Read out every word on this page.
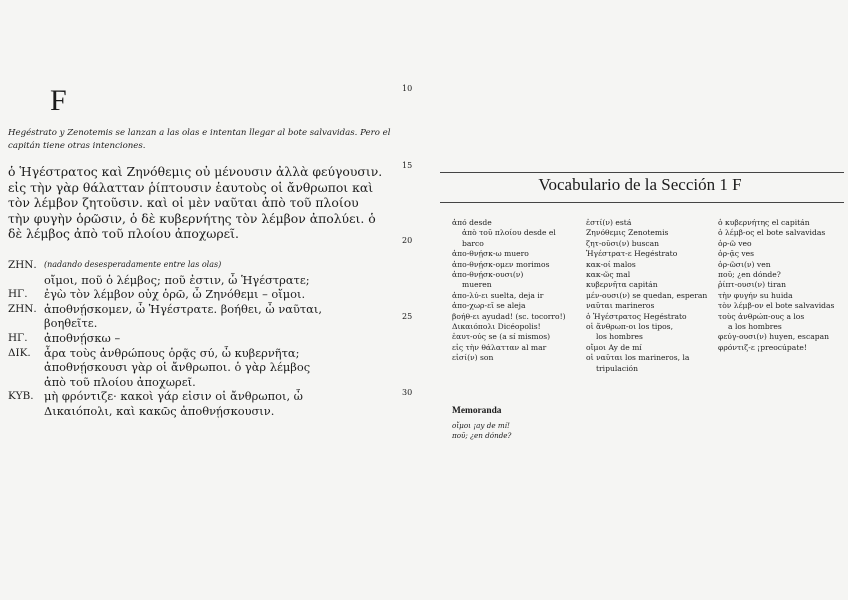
F
Hegéstrato y Zenotemis se lanzan a las olas e intentan llegar al bote salvavidas. Pero el capitán tiene otras intenciones.
ὁ Ἡγέστρατος καὶ Ζηνόθεμις οὐ μένουσιν ἀλλὰ φεύγουσιν.
εἰς τὴν γὰρ θάλατταν ῥίπτουσιν ἑαυτοὺς οἱ ἄνθρωποι καὶ
τὸν λέμβον ζητοῦσιν. καὶ οἱ μὲν ναῦται ἀπὸ τοῦ πλοίου
τὴν φυγὴν ὁρῶσιν, ὁ δὲ κυβερνήτης τὸν λέμβον ἀπολύει. ὁ
δὲ λέμβος ἀπὸ τοῦ πλοίου ἀποχωρεῖ.
ΖΗΝ. (nadando desesperadamente entre las olas)
οἴμοι, ποῦ ὁ λέμβος; ποῦ ἐστιν, ὦ Ἡγέστρατε;
ΗΓ.	ἐγὼ τὸν λέμβον οὐχ ὁρῶ, ὦ Ζηνόθεμι – οἴμοι.
ΖΗΝ. ἀποθνῄσκομεν, ὦ Ἡγέστρατε. βοήθει, ὦ ναῦται,
βοηθεῖτε.
ΗΓ.	ἀποθνῄσκω –
ΔΙΚ.	ἆρα τοὺς ἀνθρώπους ὁρᾷς σύ, ὦ κυβερνῆτα;
ἀποθνῄσκουσι γὰρ οἱ ἄνθρωποι. ὁ γὰρ λέμβος
ἀπὸ τοῦ πλοίου ἀποχωρεῖ.
ΚΥΒ. μὴ φρόντιζε· κακοὶ γάρ εἰσιν οἱ ἄνθρωποι, ὦ
Δικαιόπολι, καὶ κακῶς ἀποθνῄσκουσιν.
10
15
20
25
30
Vocabulario de la Sección 1 F
ἀπό desde
ἀπὸ τοῦ πλοίου desde el
barco
ἀπο-θνῄσκ-ω muero
ἀπο-θνῄσκ-ομεν morimos
ἀπο-θνῄσκ-ουσι(ν)
mueren
ἀπο-λύ-ει suelta, deja ir
ἀπο-χωρ-εῖ se aleja
βοήθ-ει ayudad! (sc. tocorro!)
Δικαιόπολι Dicéopolis!
ἑαυτ-ούς se (a sí mismos)
εἰς τὴν θάλατταν al mar
εἰσί(ν) son
ἐστί(ν) está
Ζηνόθεμις Zenotemis
ζητ-οῦσι(ν) buscan
Ἡγέστρατ-ε Hegéstrato
κακ-οί malos
κακ-ῶς mal
κυβερνῆτα capitán
μέν-ουσι(ν) se quedan, esperan
ναῦται marineros
ὁ Ἡγέστρατος Hegéstrato
οἱ ἄνθρωπ-οι los tipos,
los hombres
οἴμοι Ay de mí
οἱ ναῦται los marineros, la
tripulación
ὁ κυβερνήτης el capitán
ὁ λέμβ-ος el bote salvavidas
ὁρ-ῶ veo
ὁρ-ᾷς ves
ὁρ-ῶσι(ν) ven
ποῦ; ¿en dónde?
ῥίπτ-ουσι(ν) tiran
τὴν φυγήν su huida
τὸν λέμβ-ον el bote salvavidas
τοὺς ἀνθρώπ-ους a los
a los hombres
φεύγ-ουσι(ν) huyen, escapan
φρόντιζ-ε ¡preocúpate!
Memoranda
οἴμοι ¡ay de mí!
ποῦ; ¿en dónde?
